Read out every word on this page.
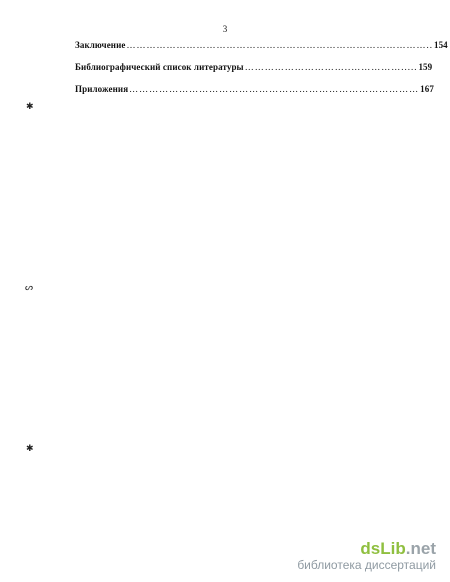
3
Заключение ……………………………………………………………………………….. 154
Библиографический список литературы …………………………..……………..... 159
Приложения …………………………………………………………………………… 167
✱
ᔕ
✱
dsLib.net
библиотека диссертаций
